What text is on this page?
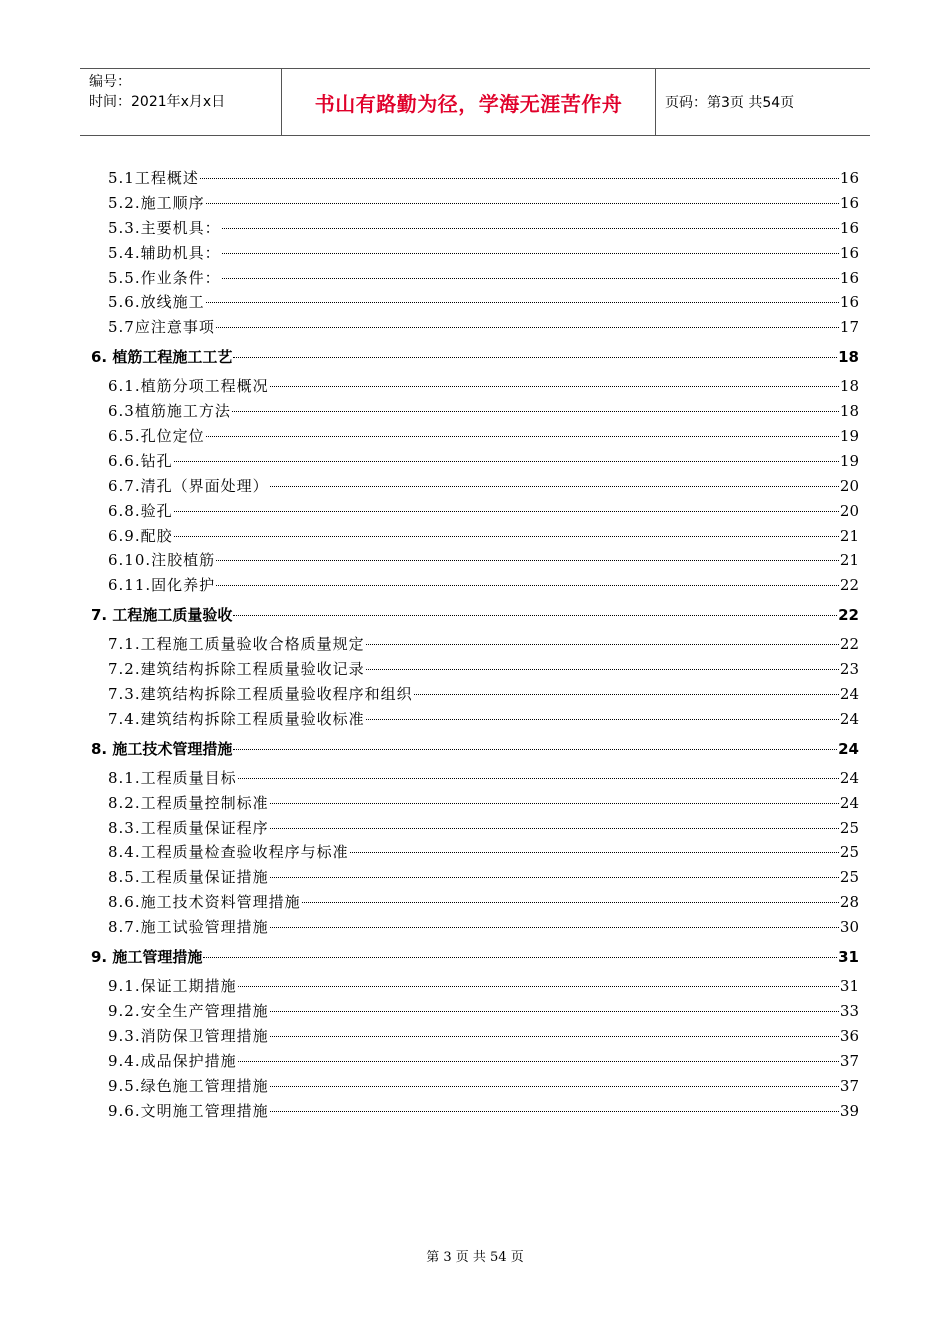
编号：
时间：2021年x月x日	书山有路勤为径，学海无涯苦作舟	页码：第3页 共54页
5.1工程概述	16
5.2.施工顺序	16
5.3.主要机具：	16
5.4.辅助机具：	16
5.5.作业条件：	16
5.6.放线施工	16
5.7应注意事项	17
6. 植筋工程施工工艺	18
6.1.植筋分项工程概况	18
6.3植筋施工方法	18
6.5.孔位定位	19
6.6.钻孔	19
6.7.清孔（界面处理）	20
6.8.验孔	20
6.9.配胶	21
6.10.注胶植筋	21
6.11.固化养护	22
7. 工程施工质量验收	22
7.1.工程施工质量验收合格质量规定	22
7.2.建筑结构拆除工程质量验收记录	23
7.3.建筑结构拆除工程质量验收程序和组织	24
7.4.建筑结构拆除工程质量验收标准	24
8. 施工技术管理措施	24
8.1.工程质量目标	24
8.2.工程质量控制标准	24
8.3.工程质量保证程序	25
8.4.工程质量检查验收程序与标准	25
8.5.工程质量保证措施	25
8.6.施工技术资料管理措施	28
8.7.施工试验管理措施	30
9. 施工管理措施	31
9.1.保证工期措施	31
9.2.安全生产管理措施	33
9.3.消防保卫管理措施	36
9.4.成品保护措施	37
9.5.绿色施工管理措施	37
9.6.文明施工管理措施	39
第 3 页 共 54 页
